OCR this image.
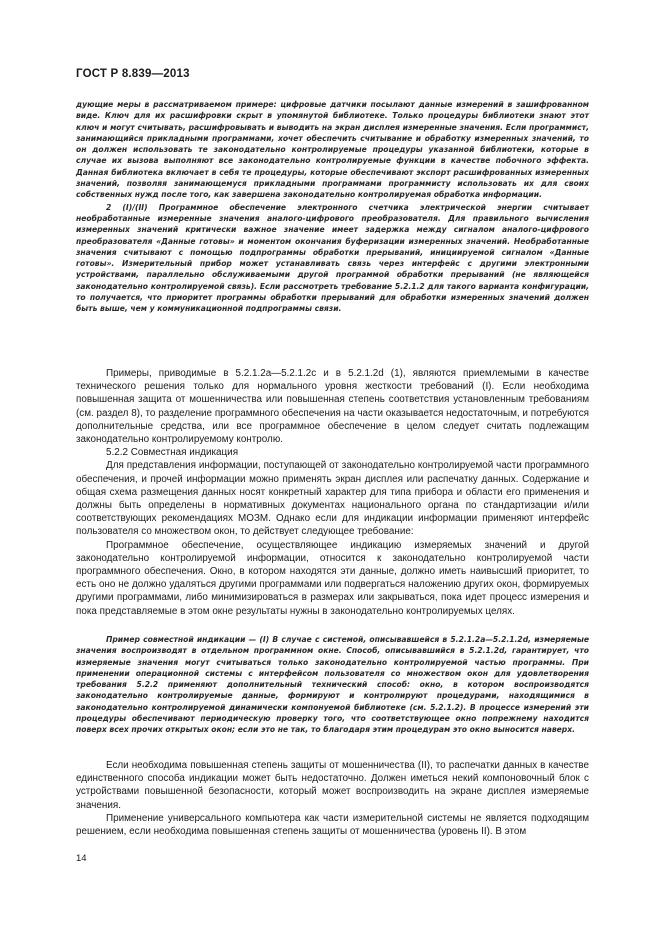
ГОСТ Р 8.839—2013

дующие меры в рассматриваемом примере: цифровые датчики посылают данные измерений в зашифрованном виде. Ключ для их расшифровки скрыт в упомянутой библиотеке. Только процедуры библиотеки знают этот ключ и могут считывать, расшифровывать и выводить на экран дисплея измеренные значения. Если программист, занимающийся прикладными программами, хочет обеспечить считывание и обработку измеренных значений, то он должен использовать те законодательно контролируемые процедуры указанной библиотеки, которые в случае их вызова выполняют все законодательно контролируемые функции в качестве побочного эффекта. Данная библиотека включает в себя те процедуры, которые обеспечивают экспорт расшифрованных измеренных значений, позволяя занимающемуся прикладными программами программисту использовать их для своих собственных нужд после того, как завершена законодательно контролируемая обработка информации.

2 (I)/(II) Программное обеспечение электронного счетчика электрической энергии считывает необработанные измеренные значения аналого-цифрового преобразователя. Для правильного вычисления измеренных значений критически важное значение имеет задержка между сигналом аналого-цифрового преобразователя «Данные готовы» и моментом окончания буферизации измеренных значений. Необработанные значения считывают с помощью подпрограммы обработки прерываний, инициируемой сигналом «Данные готовы». Измерительный прибор может устанавливать связь через интерфейс с другими электронными устройствами, параллельно обслуживаемыми другой программой обработки прерываний (не являющейся законодательно контролируемой связь). Если рассмотреть требование 5.2.1.2 для такого варианта конфигурации, то получается, что приоритет программы обработки прерываний для обработки измеренных значений должен быть выше, чем у коммуникационной подпрограммы связи.

Примеры, приводимые в 5.2.1.2а—5.2.1.2с и в 5.2.1.2d (1), являются приемлемыми в качестве технического решения только для нормального уровня жесткости требований (I). Если необходима повышенная защита от мошенничества или повышенная степень соответствия установленным требованиям (см. раздел 8), то разделение программного обеспечения на части оказывается недостаточным, и потребуются дополнительные средства, или все программное обеспечение в целом следует считать подлежащим законодательно контролируемому контролю.

5.2.2 Совместная индикация

Для представления информации, поступающей от законодательно контролируемой части программного обеспечения, и прочей информации можно применять экран дисплея или распечатку данных. Содержание и общая схема размещения данных носят конкретный характер для типа прибора и области его применения и должны быть определены в нормативных документах национального органа по стандартизации и/или соответствующих рекомендациях МОЗМ. Однако если для индикации информации применяют интерфейс пользователя со множеством окон, то действует следующее требование:

Программное обеспечение, осуществляющее индикацию измеряемых значений и другой законодательно контролируемой информации, относится к законодательно контролируемой части программного обеспечения. Окно, в котором находятся эти данные, должно иметь наивысший приоритет, то есть оно не должно удаляться другими программами или подвергаться наложению других окон, формируемых другими программами, либо минимизироваться в размерах или закрываться, пока идет процесс измерения и пока представляемые в этом окне результаты нужны в законодательно контролируемых целях.

Пример совместной индикации — (I) В случае с системой, описывавшейся в 5.2.1.2а—5.2.1.2d, измеряемые значения воспроизводят в отдельном программном окне. Способ, описывавшийся в 5.2.1.2d, гарантирует, что измеряемые значения могут считываться только законодательно контролируемой частью программы. При применении операционной системы с интерфейсом пользователя со множеством окон для удовлетворения требования 5.2.2 применяют дополнительный технический способ: окно, в котором воспроизводятся законодательно контролируемые данные, формируют и контролируют процедурами, находящимися в законодательно контролируемой динамически компонуемой библиотеке (см. 5.2.1.2). В процессе измерений эти процедуры обеспечивают периодическую проверку того, что соответствующее окно попрежнему находится поверх всех прочих открытых окон; если это не так, то благодаря этим процедурам это окно выносится наверх.

Если необходима повышенная степень защиты от мошенничества (II), то распечатки данных в качестве единственного способа индикации может быть недостаточно. Должен иметься некий компоновочный блок с устройствами повышенной безопасности, который может воспроизводить на экране дисплея измеряемые значения.

Применение универсального компьютера как части измерительной системы не является подходящим решением, если необходима повышенная степень защиты от мошенничества (уровень II). В этом

14
